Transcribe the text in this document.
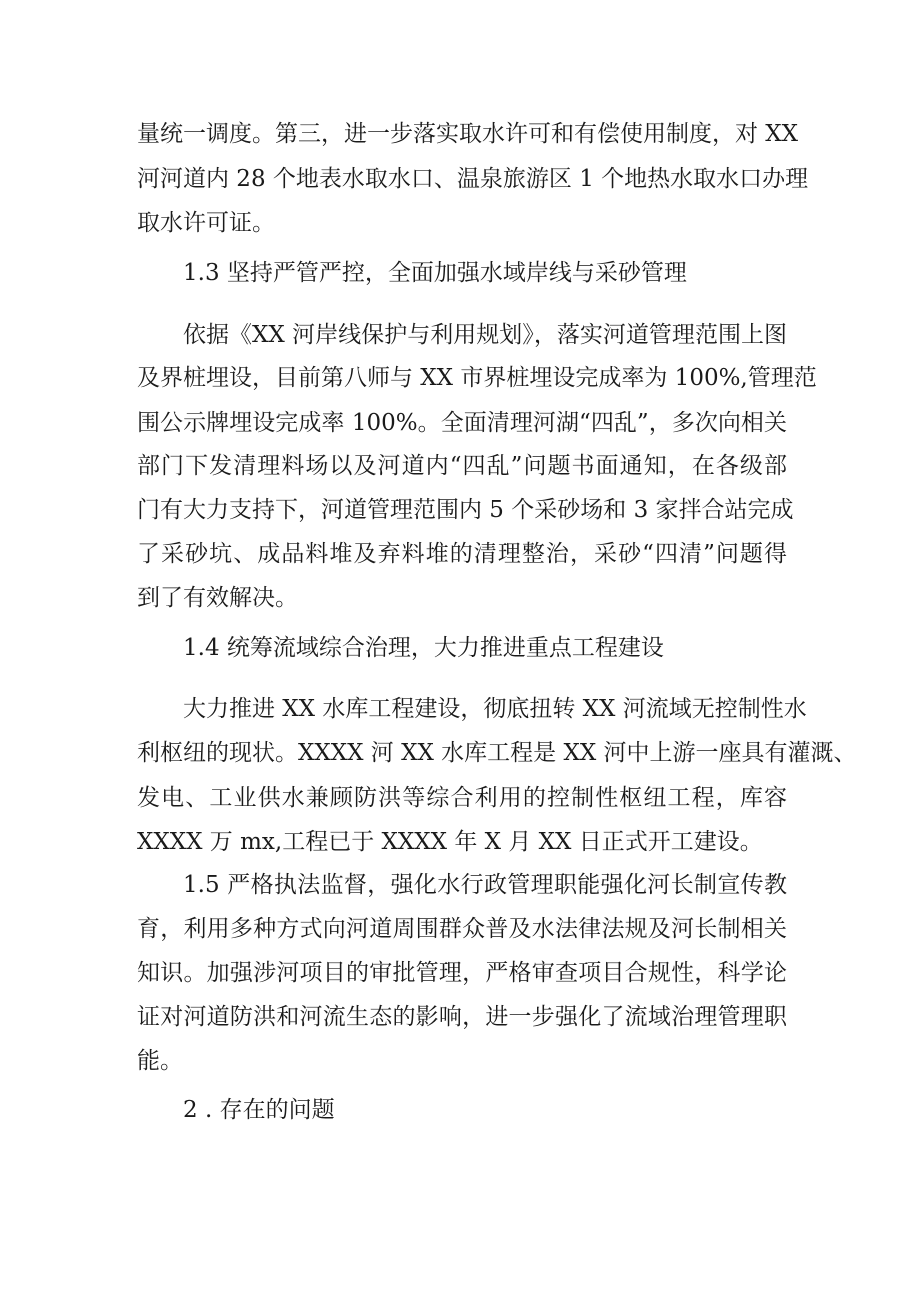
量统一调度。第三，进一步落实取水许可和有偿使用制度，对 XX
河河道内 28 个地表水取水口、温泉旅游区 1 个地热水取水口办理
取水许可证。
1.3 坚持严管严控，全面加强水域岸线与采砂管理
依据《XX 河岸线保护与利用规划》，落实河道管理范围上图
及界桩埋设，目前第八师与 XX 市界桩埋设完成率为 100%,管理范
围公示牌埋设完成率 100%。全面清理河湖“四乱”，多次向相关
部门下发清理料场以及河道内“四乱”问题书面通知，在各级部
门有大力支持下，河道管理范围内 5 个采砂场和 3 家拌合站完成
了采砂坑、成品料堆及弃料堆的清理整治，采砂“四清”问题得
到了有效解决。
1.4 统筹流域综合治理，大力推进重点工程建设
大力推进 XX 水库工程建设，彻底扭转 XX 河流域无控制性水
利枢纽的现状。XXXX 河 XX 水库工程是 XX 河中上游一座具有灌溉、
发电、工业供水兼顾防洪等综合利用的控制性枢纽工程，库容
XXXX 万 mx,工程已于 XXXX 年 X 月 XX 日正式开工建设。
1.5 严格执法监督，强化水行政管理职能强化河长制宣传教
育，利用多种方式向河道周围群众普及水法律法规及河长制相关
知识。加强涉河项目的审批管理，严格审查项目合规性，科学论
证对河道防洪和河流生态的影响，进一步强化了流域治理管理职
能。
2 . 存在的问题
